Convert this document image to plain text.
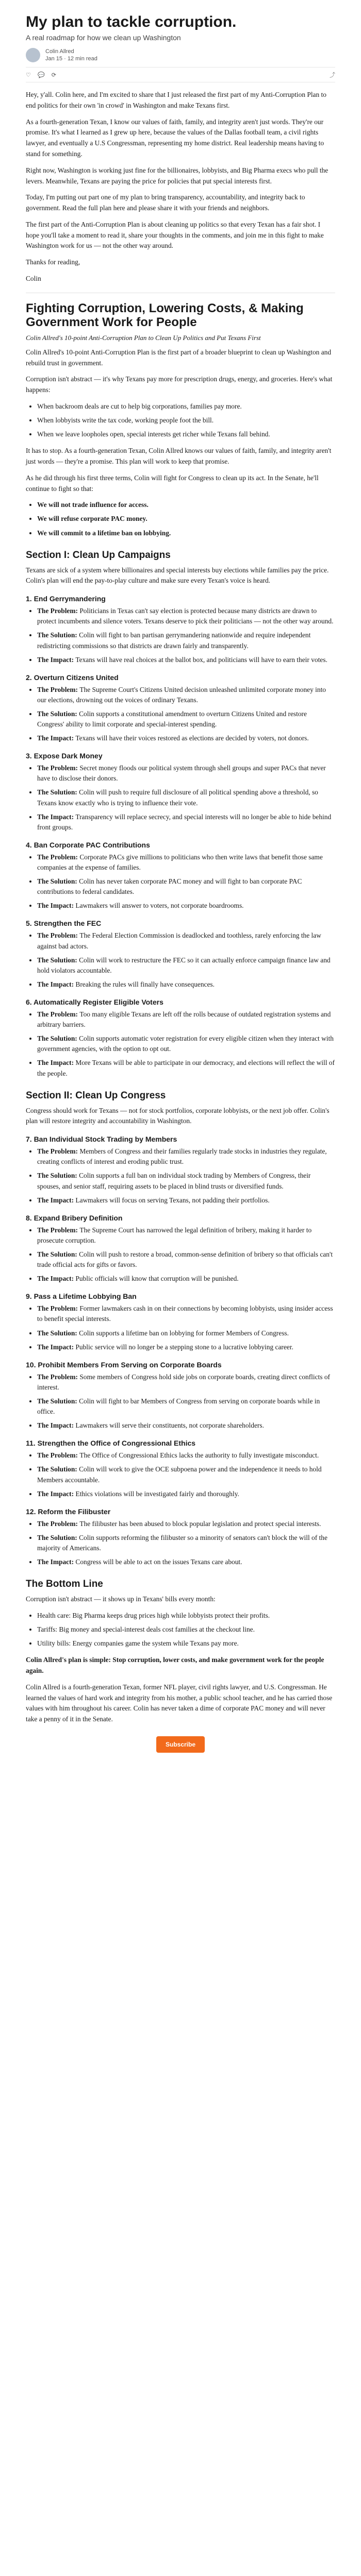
My plan to tackle corruption.
A real roadmap for how we clean up Washington
Colin Allred
Jan 15 · 12 min read
♡ 💬 ⟳	⤴

Hey, y'all. Colin here, and I'm excited to share that I just released the first part of my Anti-Corruption Plan to end politics for their own 'in crowd' in Washington and make Texans first.

As a fourth-generation Texan, I know our values of faith, family, and integrity aren't just words. They're our promise. It's what I learned as I grew up here, because the values of the Dallas football team, a civil rights lawyer, and eventually a U.S Congressman, representing my home district. Real leadership means having to stand for something.

Right now, Washington is working just fine for the billionaires, lobbyists, and Big Pharma execs who pull the levers. Meanwhile, Texans are paying the price for policies that put special interests first.

Today, I'm putting out part one of my plan to bring transparency, accountability, and integrity back to government. Read the full plan here and please share it with your friends and neighbors.

The first part of the Anti-Corruption Plan is about cleaning up politics so that every Texan has a fair shot. I hope you'll take a moment to read it, share your thoughts in the comments, and join me in this fight to make Washington work for us — not the other way around.

Thanks for reading,

Colin

Fighting Corruption, Lowering Costs, & Making Government Work for People
Colin Allred's 10-point Anti-Corruption Plan to Clean Up Politics and Put Texans First

Colin Allred's 10-point Anti-Corruption Plan is the first part of a broader blueprint to clean up Washington and rebuild trust in government.

Corruption isn't abstract — it's why Texans pay more for prescription drugs, energy, and groceries. Here's what happens:

• When backroom deals are cut to help big corporations, families pay more.
• When lobbyists write the tax code, working people foot the bill.
• When we leave loopholes open, special interests get richer while Texans fall behind.

It has to stop. As a fourth-generation Texan, Colin Allred knows our values of faith, family, and integrity aren't just words — they're a promise. This plan will work to keep that promise.

As he did through his first three terms, Colin will fight for Congress to clean up its act. In the Senate, he'll continue to fight so that:

• We will not trade influence for access.
• We will refuse corporate PAC money.
• We will commit to a lifetime ban on lobbying.
Section I: Clean Up Campaigns

Texans are sick of a system where billionaires and special interests buy elections while families pay the price. Colin's plan will end the pay-to-play culture and make sure every Texan's voice is heard.

1. End Gerrymandering
• The Problem: Politicians in Texas can't say election is protected because many districts are drawn to protect incumbents and silence voters. Texans deserve to pick their politicians — not the other way around.
• The Solution: Colin will fight to ban partisan gerrymandering nationwide and require independent redistricting commissions so that districts are drawn fairly and transparently.
• The Impact: Texans will have real choices at the ballot box, and politicians will have to earn their votes.
2. Overturn Citizens United
• The Problem: The Supreme Court's Citizens United decision unleashed unlimited corporate money into our elections, drowning out the voices of ordinary Texans.
• The Solution: Colin supports a constitutional amendment to overturn Citizens United and restore Congress' ability to limit corporate and special-interest spending.
• The Impact: Texans will have their voices restored as elections are decided by voters, not donors.
3. Expose Dark Money
• The Problem: Secret money floods our political system through shell groups and super PACs that never have to disclose their donors.
• The Solution: Colin will push to require full disclosure of all political spending above a threshold, so Texans know exactly who is trying to influence their vote.
• The Impact: Transparency will replace secrecy, and special interests will no longer be able to hide behind front groups.
4. Ban Corporate PAC Contributions
• The Problem: Corporate PACs give millions to politicians who then write laws that benefit those same companies at the expense of families.
• The Solution: Colin has never taken corporate PAC money and will fight to ban corporate PAC contributions to federal candidates.
• The Impact: Lawmakers will answer to voters, not corporate boardrooms.
5. Strengthen the FEC
• The Problem: The Federal Election Commission is deadlocked and toothless, rarely enforcing the law against bad actors.
• The Solution: Colin will work to restructure the FEC so it can actually enforce campaign finance law and hold violators accountable.
• The Impact: Breaking the rules will finally have consequences.
6. Automatically Register Eligible Voters
• The Problem: Too many eligible Texans are left off the rolls because of outdated registration systems and arbitrary barriers.
• The Solution: Colin supports automatic voter registration for every eligible citizen when they interact with government agencies, with the option to opt out.
• The Impact: More Texans will be able to participate in our democracy, and elections will reflect the will of the people.
Section II: Clean Up Congress

Congress should work for Texans — not for stock portfolios, corporate lobbyists, or the next job offer. Colin's plan will restore integrity and accountability in Washington.

7. Ban Individual Stock Trading by Members
• The Problem: Members of Congress and their families regularly trade stocks in industries they regulate, creating conflicts of interest and eroding public trust.
• The Solution: Colin supports a full ban on individual stock trading by Members of Congress, their spouses, and senior staff, requiring assets to be placed in blind trusts or diversified funds.
• The Impact: Lawmakers will focus on serving Texans, not padding their portfolios.
8. Expand Bribery Definition
• The Problem: The Supreme Court has narrowed the legal definition of bribery, making it harder to prosecute corruption.
• The Solution: Colin will push to restore a broad, common-sense definition of bribery so that officials can't trade official acts for gifts or favors.
• The Impact: Public officials will know that corruption will be punished.
9. Pass a Lifetime Lobbying Ban
• The Problem: Former lawmakers cash in on their connections by becoming lobbyists, using insider access to benefit special interests.
• The Solution: Colin supports a lifetime ban on lobbying for former Members of Congress.
• The Impact: Public service will no longer be a stepping stone to a lucrative lobbying career.
10. Prohibit Members From Serving on Corporate Boards
• The Problem: Some members of Congress hold side jobs on corporate boards, creating direct conflicts of interest.
• The Solution: Colin will fight to bar Members of Congress from serving on corporate boards while in office.
• The Impact: Lawmakers will serve their constituents, not corporate shareholders.
11. Strengthen the Office of Congressional Ethics
• The Problem: The Office of Congressional Ethics lacks the authority to fully investigate misconduct.
• The Solution: Colin will work to give the OCE subpoena power and the independence it needs to hold Members accountable.
• The Impact: Ethics violations will be investigated fairly and thoroughly.
12. Reform the Filibuster
• The Problem: The filibuster has been abused to block popular legislation and protect special interests.
• The Solution: Colin supports reforming the filibuster so a minority of senators can't block the will of the majority of Americans.
• The Impact: Congress will be able to act on the issues Texans care about.
The Bottom Line

Corruption isn't abstract — it shows up in Texans' bills every month:

• Health care: Big Pharma keeps drug prices high while lobbyists protect their profits.
• Tariffs: Big money and special-interest deals cost families at the checkout line.
• Utility bills: Energy companies game the system while Texans pay more.

Colin Allred's plan is simple: Stop corruption, lower costs, and make government work for the people again.

Colin Allred is a fourth-generation Texan, former NFL player, civil rights lawyer, and U.S. Congressman. He learned the values of hard work and integrity from his mother, a public school teacher, and he has carried those values with him throughout his career. Colin has never taken a dime of corporate PAC money and will never take a penny of it in the Senate.

Subscribe
